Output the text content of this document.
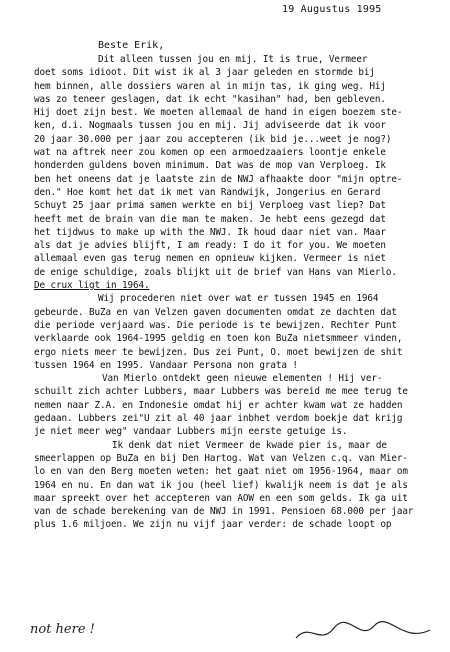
19 Augustus 1995
Beste Erik,
Dit alleen tussen jou en mij. It is true, Vermeer
doet soms idioot. Dit wist ik al 3 jaar geleden en stormde bij
hem binnen, alle dossiers waren al in mijn tas, ik ging weg. Hij
was zo teneer geslagen, dat ik echt "kasihan" had, ben gebleven.
Hij doet zijn best. We moeten allemaal de hand in eigen boezem ste-
ken, d.i. Nogmaals tussen jou en mij. Jij adviseerde dat ik voor
20 jaar 30.000 per jaar zou accepteren (ik bid je...weet je nog?)
wat na aftrek neer zou komen op een armoedzaaiers loontje enkele
honderden guldens boven minimum. Dat was de mop van Verploeg. Ik
ben het oneens dat je laatste zin de NWJ afhaakte door "mijn optre-
den." Hoe komt het dat ik met van Randwijk, Jongerius en Gerard
Schuyt 25 jaar prima samen werkte en bij Verploeg vast liep? Dat
heeft met de brain van die man te maken. Je hebt eens gezegd dat
het tijdwus to make up with the NWJ. Ik houd daar niet van. Maar
als dat je advies blijft, I am ready: I do it for you. We moeten
allemaal even gas terug nemen en opnieuw kijken. Vermeer is niet
de enige schuldige, zoals blijkt uit de brief van Hans van Mierlo.
De crux ligt in 1964.
Wij procederen niet over wat er tussen 1945 en 1964
gebeurde. BuZa en van Velzen gaven documenten omdat ze dachten dat
die periode verjaard was. Die periode is te bewijzen. Rechter Punt
verklaarde ook 1964-1995 geldig en toen kon BuZa nietsmmeer vinden,
ergo niets meer te bewijzen. Dus zei Punt, O. moet bewijzen de shit
tussen 1964 en 1995. Vandaar Persona non grata !
Van Mierlo ontdekt geen nieuwe elementen ! Hij ver-
schuilt zich achter Lubbers, maar Lubbers was bereid me mee terug te
nemen naar Z.A. en Indonesie omdat hij er achter kwam wat ze hadden
gedaan. Lubbers zei"U zit al 40 jaar inbhet verdom boekje dat krijg
je niet meer weg" vandaar Lubbers mijn eerste getuige is.
Ik denk dat niet Vermeer de kwade pier is, maar de
smeerlappen op BuZa en bij Den Hartog. Wat van Velzen c.q. van Mier-
lo en van den Berg moeten weten: het gaat niet om 1956-1964, maar om
1964 en nu. En dan wat ik jou (heel lief) kwalijk neem is dat je als
maar spreekt over het accepteren van AOW en een som gelds. Ik ga uit
van de schade berekening van de NWJ in 1991. Pensioen 68.000 per jaar
plus 1.6 miljoen. We zijn nu vijf jaar verder: de schade loopt op
not here !
